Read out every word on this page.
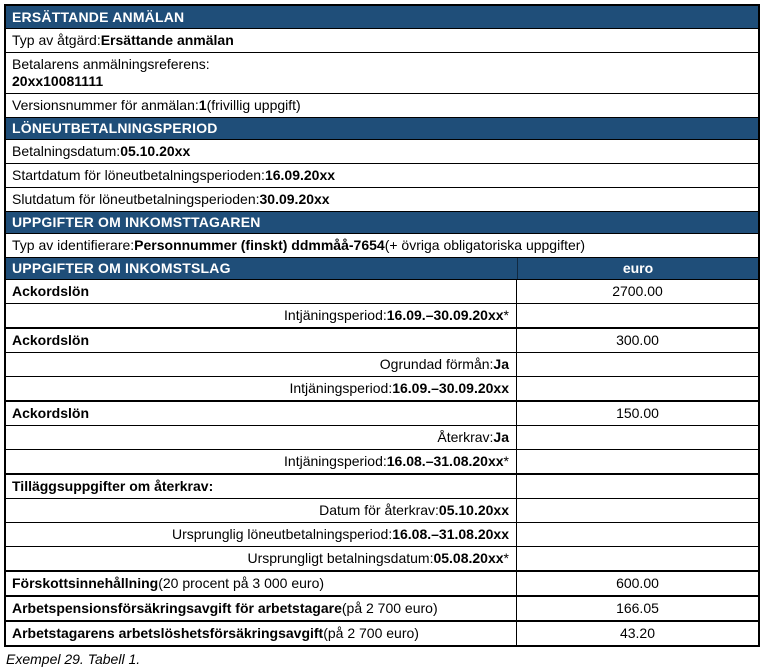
ERSÄTTANDE ANMÄLAN
Typ av åtgärd: Ersättande anmälan
Betalarens anmälningsreferens:
20xx10081111
Versionsnummer för anmälan: 1 (frivillig uppgift)
LÖNEUTBETALNINGSPERIOD
Betalningsdatum: 05.10.20xx
Startdatum för löneutbetalningsperioden: 16.09.20xx
Slutdatum för löneutbetalningsperioden: 30.09.20xx
UPPGIFTER OM INKOMSTTAGAREN
Typ av identifierare: Personnummer (finskt) ddmmåå-7654 (+ övriga obligatoriska uppgifter)
UPPGIFTER OM INKOMSTSLAG	euro
Ackordslön	2700.00
Intjäningsperiod: 16.09.–30.09.20xx *
Ackordslön	300.00
Ogrundad förmån: Ja
Intjäningsperiod: 16.09.–30.09.20xx
Ackordslön	150.00
Återkrav: Ja
Intjäningsperiod: 16.08.–31.08.20xx *
Tilläggsuppgifter om återkrav:
Datum för återkrav: 05.10.20xx
Ursprunglig löneutbetalningsperiod: 16.08.–31.08.20xx
Ursprungligt betalningsdatum: 05.08.20xx *
Förskottsinnehållning (20 procent på 3 000 euro)	600.00
Arbetspensionsförsäkringsavgift för arbetstagare (på 2 700 euro)	166.05
Arbetstagarens arbetslöshetsförsäkringsavgift (på 2 700 euro)	43.20
Exempel 29. Tabell 1.
